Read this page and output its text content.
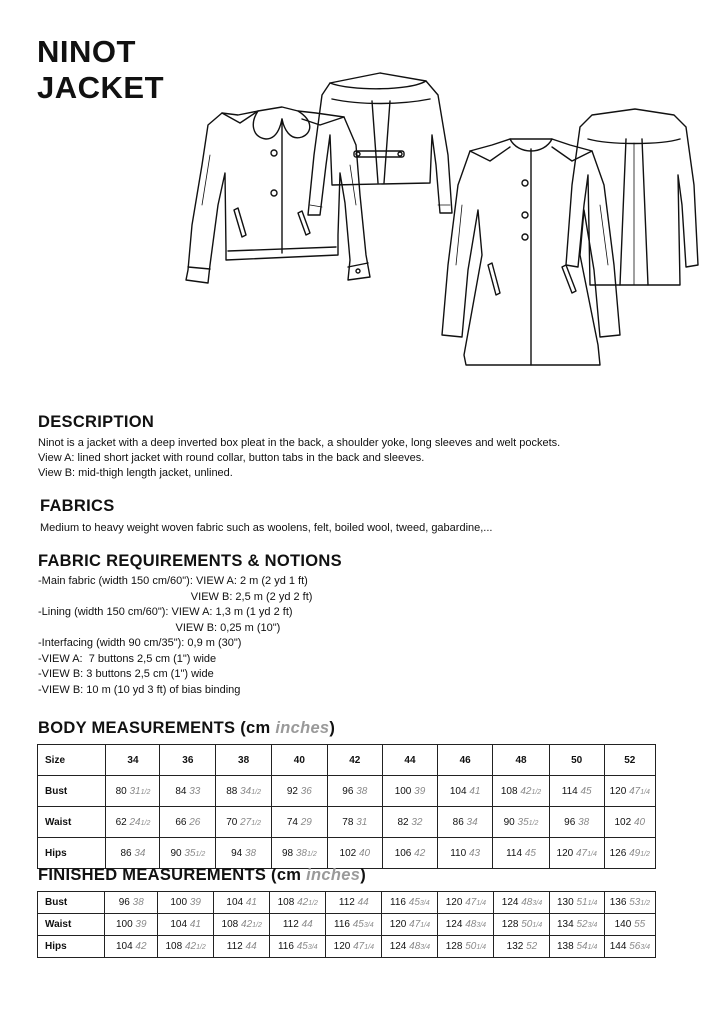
NINOT
JACKET
DESCRIPTION
Ninot is a jacket with a deep inverted box pleat in the back, a shoulder yoke, long sleeves and welt pockets.
View A: lined short jacket with round collar, button tabs in the back and sleeves.
View B: mid-thigh length jacket, unlined.
FABRICS
Medium to heavy weight woven fabric such as woolens, felt, boiled wool, tweed, gabardine,...
FABRIC REQUIREMENTS & NOTIONS
-Main fabric (width 150 cm/60"): VIEW A: 2 m (2 yd 1 ft)
VIEW B: 2,5 m (2 yd 2 ft)
-Lining (width 150 cm/60"): VIEW A: 1,3 m (1 yd 2 ft)
VIEW B: 0,25 m (10")
-Interfacing (width 90 cm/35"): 0,9 m (30")
-VIEW A:  7 buttons 2,5 cm (1") wide
-VIEW B: 3 buttons 2,5 cm (1") wide
-VIEW B: 10 m (10 yd 3 ft) of bias binding
BODY MEASUREMENTS (cm inches)
Size	34	36	38	40	42	44	46	48	50	52
Bust	80 311/2	84 33	88 341/2	92 36	96 38	100 39	104 41	108 421/2	114 45	120 471/4
Waist	62 241/2	66 26	70 271/2	74 29	78 31	82 32	86 34	90 351/2	96 38	102 40
Hips	86 34	90 351/2	94 38	98 381/2	102 40	106 42	110 43	114 45	120 471/4	126 491/2
FINISHED MEASUREMENTS (cm inches)
Bust	96 38	100 39	104 41	108 421/2	112 44	116 453/4	120 471/4	124 483/4	130 511/4	136 531/2
Waist	100 39	104 41	108 421/2	112 44	116 453/4	120 471/4	124 483/4	128 501/4	134 523/4	140 55
Hips	104 42	108 421/2	112 44	116 453/4	120 471/4	124 483/4	128 501/4	132 52	138 541/4	144 563/4
